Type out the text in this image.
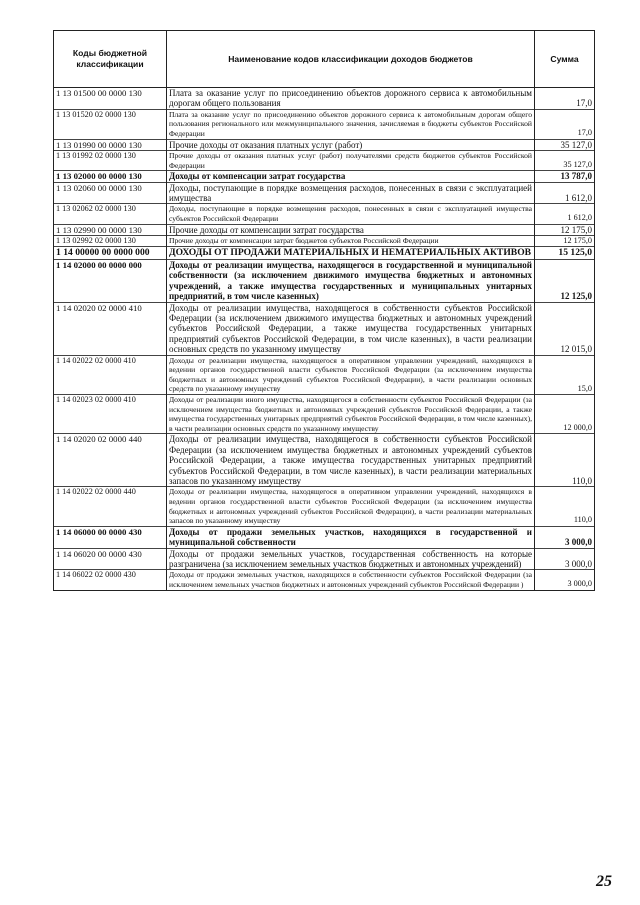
Коды бюджетной классификации	Наименование кодов классификации доходов бюджетов	Сумма
1 13 01500 00 0000 130	Плата за оказание услуг по присоединению объектов дорожного сервиса к автомобильным дорогам общего пользования	17,0
1 13 01520 02 0000 130	Плата за оказание услуг по присоединению объектов дорожного сервиса к автомобильным дорогам общего пользования регионального или межмуниципального значения, зачисляемая в бюджеты субъектов Российской Федерации	17,0
1 13 01990 00 0000 130	Прочие доходы от оказания платных услуг (работ)	35 127,0
1 13 01992 02 0000 130	Прочие доходы от оказания платных услуг (работ) получателями средств бюджетов субъектов Российской Федерации	35 127,0
1 13 02000 00 0000 130	Доходы от компенсации затрат государства	13 787,0
1 13 02060 00 0000 130	Доходы, поступающие в порядке возмещения расходов, понесенных в связи с эксплуатацией имущества	1 612,0
1 13 02062 02 0000 130	Доходы, поступающие в порядке возмещения расходов, понесенных в связи с эксплуатацией имущества субъектов Российской Федерации	1 612,0
1 13 02990 00 0000 130	Прочие доходы от компенсации затрат государства	12 175,0
1 13 02992 02 0000 130	Прочие доходы от компенсации затрат бюджетов субъектов Российской Федерации	12 175,0
1 14 00000 00 0000 000	ДОХОДЫ ОТ ПРОДАЖИ МАТЕРИАЛЬНЫХ И НЕМАТЕРИАЛЬНЫХ АКТИВОВ	15 125,0
1 14 02000 00 0000 000	Доходы от реализации имущества, находящегося в государственной и муниципальной собственности (за исключением движимого имущества бюджетных и автономных учреждений, а также имущества государственных и муниципальных унитарных предприятий, в том числе казенных)	12 125,0
1 14 02020 02 0000 410	Доходы от реализации имущества, находящегося в собственности субъектов Российской Федерации (за исключением движимого имущества бюджетных и автономных учреждений субъектов Российской Федерации, а также имущества государственных унитарных предприятий субъектов Российской Федерации, в том числе казенных), в части реализации основных средств по указанному имуществу	12 015,0
1 14 02022 02 0000 410	Доходы от реализации имущества, находящегося в оперативном управлении учреждений, находящихся в ведении органов государственной власти субъектов Российской Федерации (за исключением имущества бюджетных и автономных учреждений субъектов Российской Федерации), в части реализации основных средств по указанному имуществу	15,0
1 14 02023 02 0000 410	Доходы от реализации иного имущества, находящегося в собственности субъектов Российской Федерации (за исключением имущества бюджетных и автономных учреждений субъектов Российской Федерации, а также имущества государственных унитарных предприятий субъектов Российской Федерации, в том числе казенных), в части реализации основных средств по указанному имуществу	12 000,0
1 14 02020 02 0000 440	Доходы от реализации имущества, находящегося в собственности субъектов Российской Федерации (за исключением имущества бюджетных и автономных учреждений субъектов Российской Федерации, а также имущества государственных унитарных предприятий субъектов Российской Федерации, в том числе казенных), в части реализации материальных запасов по указанному имуществу	110,0
1 14 02022 02 0000 440	Доходы от реализации имущества, находящегося в оперативном управлении учреждений, находящихся в ведении органов государственной власти субъектов Российской Федерации (за исключением имущества бюджетных и автономных учреждений субъектов Российской Федерации), в части реализации материальных запасов по указанному имуществу	110,0
1 14 06000 00 0000 430	Доходы от продажи земельных участков, находящихся в государственной и муниципальной собственности	3 000,0
1 14 06020 00 0000 430	Доходы от продажи земельных участков, государственная собственность на которые разграничена (за исключением земельных участков бюджетных и автономных учреждений)	3 000,0
1 14 06022 02 0000 430	Доходы от продажи земельных участков, находящихся в собственности субъектов Российской Федерации (за исключением земельных участков бюджетных и автономных учреждений субъектов Российской Федерации )	3 000,0
25
